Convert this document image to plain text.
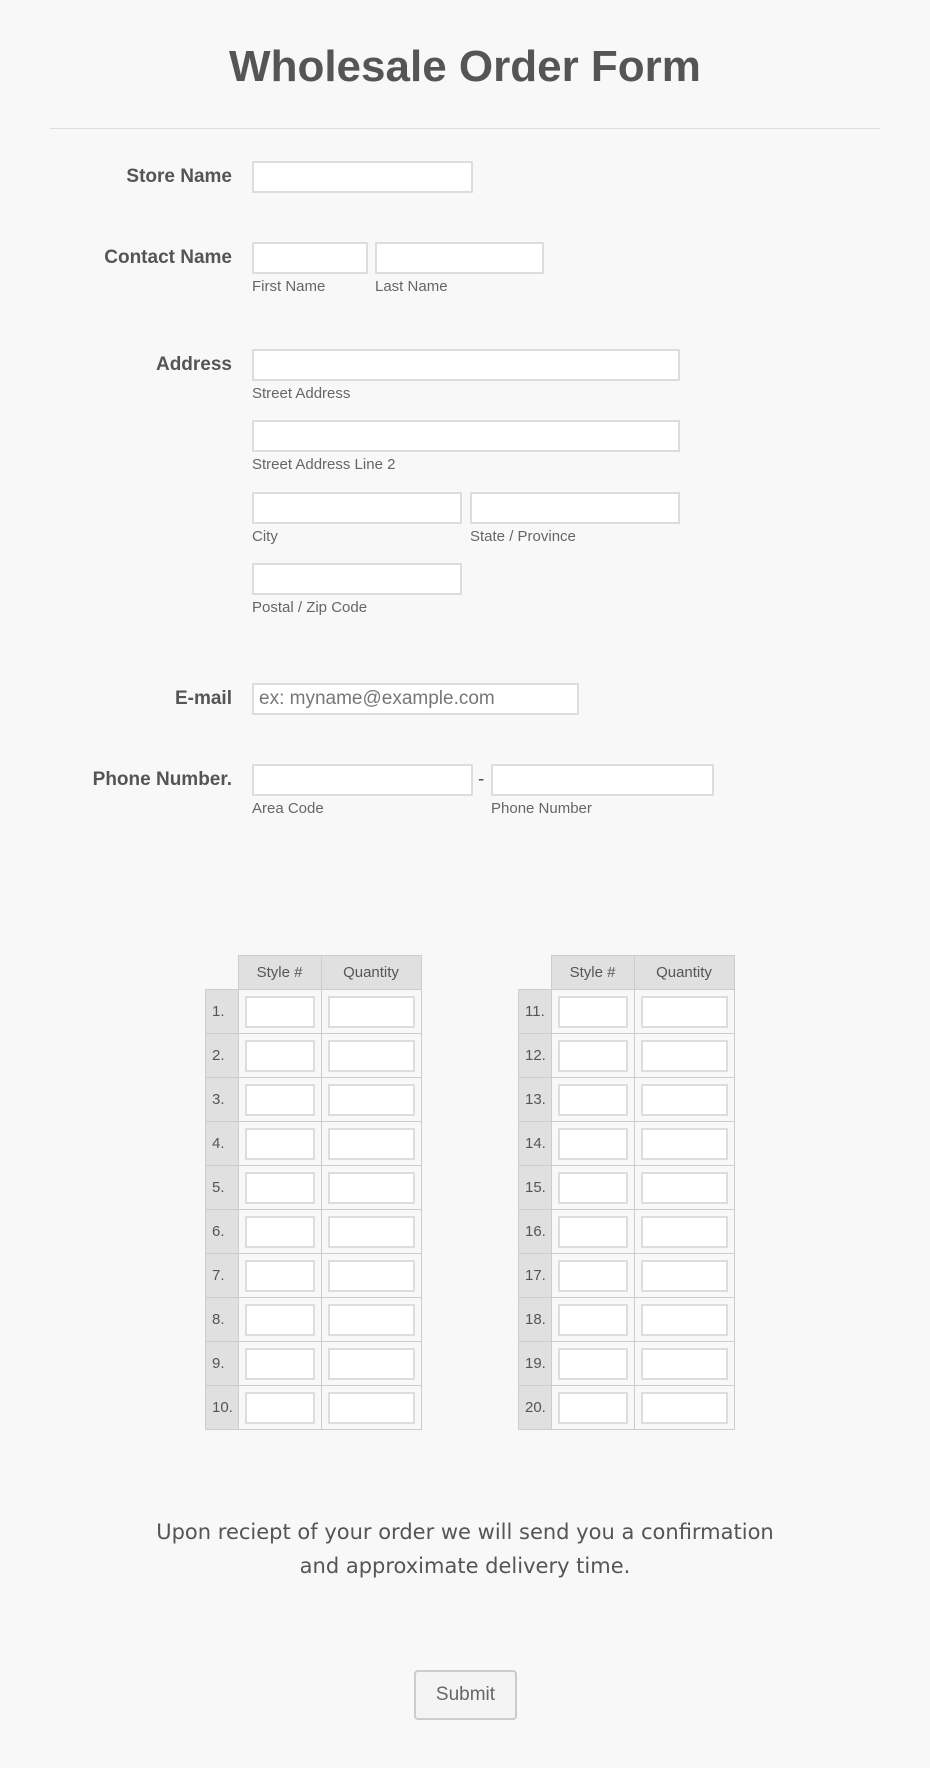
Wholesale Order Form
Store Name
Contact Name
First Name	Last Name
Address
Street Address
Street Address Line 2
City	State / Province
Postal / Zip Code
E-mail
ex: myname@example.com
Phone Number.	-
Area Code	Phone Number
	Style #	Quantity
1.	

2.	

3.	

4.	

5.	

6.	

7.	

8.	

9.	

10.	

	Style #	Quantity
11.	

12.	

13.	

14.	

15.	

16.	

17.	

18.	

19.	

20.	

Upon reciept of your order we will send you a confirmation
and approximate delivery time.
Submit
